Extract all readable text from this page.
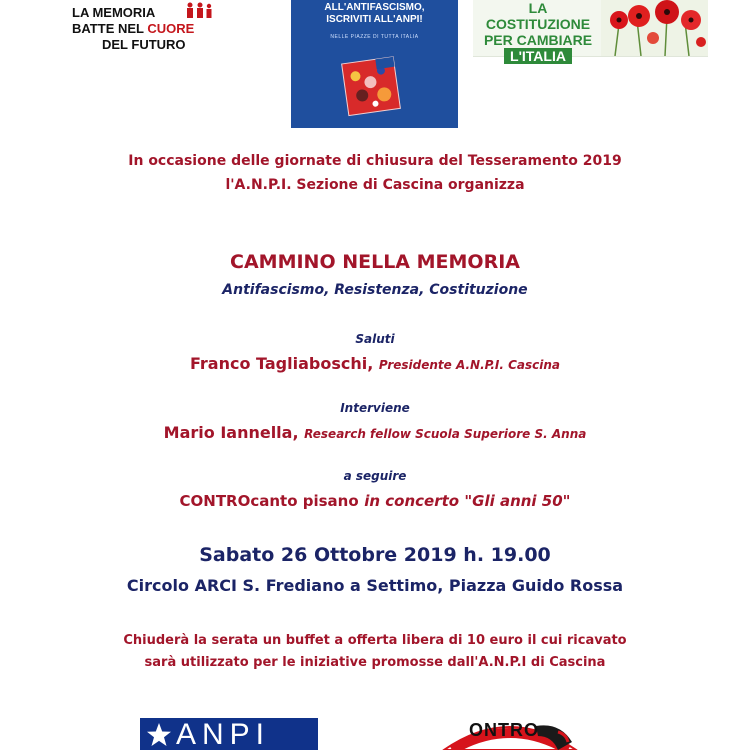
LA MEMORIA
BATTE NEL CUORE
DEL FUTURO
ALL'ANTIFASCISMO,
ISCRIVITI ALL'ANPI!
NELLE PIAZZE DI TUTTA ITALIA
LA COSTITUZIONE
PER CAMBIARE
L'ITALIA
In occasione delle giornate di chiusura del Tesseramento 2019
l'A.N.P.I. Sezione di Cascina organizza
CAMMINO NELLA MEMORIA
Antifascismo, Resistenza, Costituzione
Saluti
Franco Tagliaboschi, Presidente A.N.P.I. Cascina
Interviene
Mario Iannella, Research fellow Scuola Superiore S. Anna
a seguire
CONTROcanto pisano in concerto "Gli anni 50"
Sabato 26 Ottobre 2019 h. 19.00
Circolo ARCI S. Frediano a Settimo, Piazza Guido Rossa
Chiuderà la serata un buffet a offerta libera di 10 euro il cui ricavato
sarà utilizzato per le iniziative promosse dall'A.N.P.I di Cascina
ANPI	ONTRO
